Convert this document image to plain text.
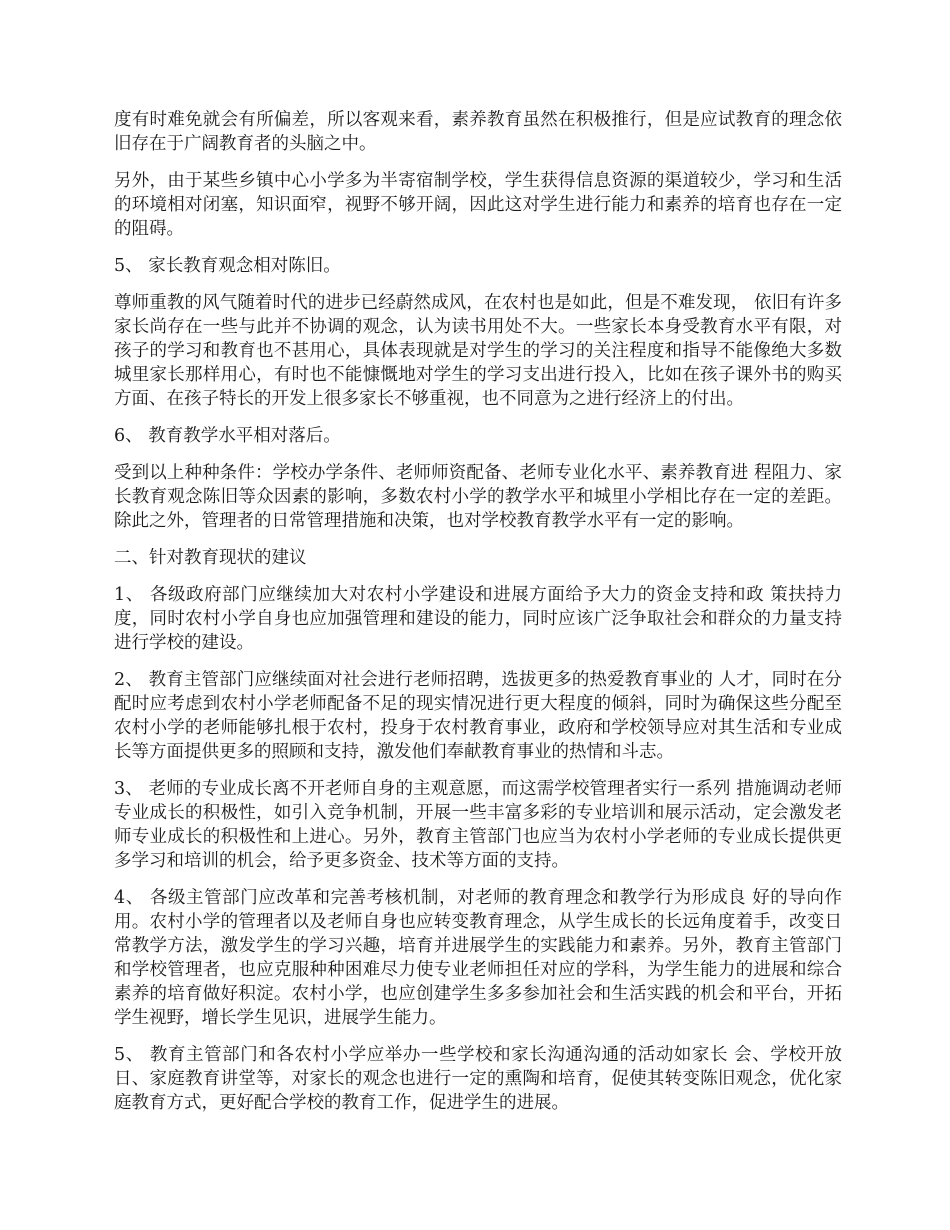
度有时难免就会有所偏差，所以客观来看，素养教育虽然在积极推行，但是应试教育的理念依旧存在于广阔教育者的头脑之中。

另外，由于某些乡镇中心小学多为半寄宿制学校，学生获得信息资源的渠道较少，学习和生活的环境相对闭塞，知识面窄，视野不够开阔，因此这对学生进行能力和素养的培育也存在一定的阻碍。

5、 家长教育观念相对陈旧。

尊师重教的风气随着时代的进步已经蔚然成风，在农村也是如此，但是不难发现， 依旧有许多家长尚存在一些与此并不协调的观念，认为读书用处不大。一些家长本身受教育水平有限，对孩子的学习和教育也不甚用心，具体表现就是对学生的学习的关注程度和指导不能像绝大多数城里家长那样用心，有时也不能慷慨地对学生的学习支出进行投入，比如在孩子课外书的购买方面、在孩子特长的开发上很多家长不够重视，也不同意为之进行经济上的付出。

6、 教育教学水平相对落后。

受到以上种种条件：学校办学条件、老师师资配备、老师专业化水平、素养教育进 程阻力、家长教育观念陈旧等众因素的影响，多数农村小学的教学水平和城里小学相比存在一定的差距。除此之外，管理者的日常管理措施和决策，也对学校教育教学水平有一定的影响。

二、针对教育现状的建议

1、 各级政府部门应继续加大对农村小学建设和进展方面给予大力的资金支持和政 策扶持力度，同时农村小学自身也应加强管理和建设的能力，同时应该广泛争取社会和群众的力量支持进行学校的建设。

2、 教育主管部门应继续面对社会进行老师招聘，选拔更多的热爱教育事业的 人才，同时在分配时应考虑到农村小学老师配备不足的现实情况进行更大程度的倾斜，同时为确保这些分配至农村小学的老师能够扎根于农村，投身于农村教育事业，政府和学校领导应对其生活和专业成长等方面提供更多的照顾和支持，激发他们奉献教育事业的热情和斗志。

3、 老师的专业成长离不开老师自身的主观意愿，而这需学校管理者实行一系列 措施调动老师专业成长的积极性，如引入竞争机制，开展一些丰富多彩的专业培训和展示活动，定会激发老师专业成长的积极性和上进心。另外，教育主管部门也应当为农村小学老师的专业成长提供更多学习和培训的机会，给予更多资金、技术等方面的支持。

4、 各级主管部门应改革和完善考核机制，对老师的教育理念和教学行为形成良 好的导向作用。农村小学的管理者以及老师自身也应转变教育理念，从学生成长的长远角度着手，改变日常教学方法，激发学生的学习兴趣，培育并进展学生的实践能力和素养。另外，教育主管部门和学校管理者，也应克服种种困难尽力使专业老师担任对应的学科，为学生能力的进展和综合素养的培育做好积淀。农村小学，也应创建学生多多参加社会和生活实践的机会和平台，开拓学生视野，增长学生见识，进展学生能力。

5、 教育主管部门和各农村小学应举办一些学校和家长沟通沟通的活动如家长 会、学校开放日、家庭教育讲堂等，对家长的观念也进行一定的熏陶和培育，促使其转变陈旧观念，优化家庭教育方式，更好配合学校的教育工作，促进学生的进展。
